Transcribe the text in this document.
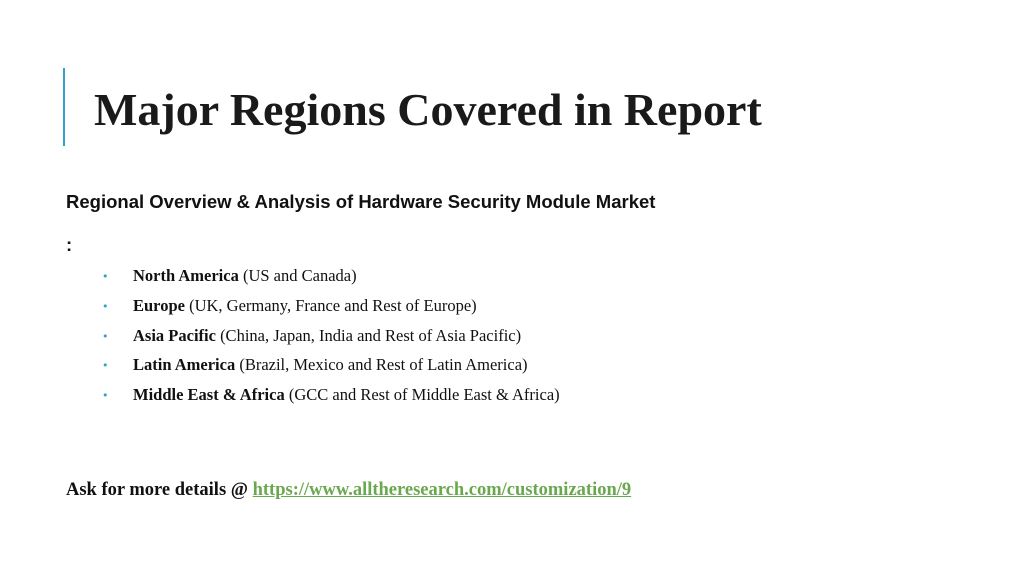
Major Regions Covered in Report

Regional Overview & Analysis of Hardware Security Module Market

:

• North America (US and Canada)
• Europe (UK, Germany, France and Rest of Europe)
• Asia Pacific (China, Japan, India and Rest of Asia Pacific)
• Latin America (Brazil, Mexico and Rest of Latin America)
• Middle East & Africa (GCC and Rest of Middle East & Africa)

Ask for more details @ https://www.alltheresearch.com/customization/9
